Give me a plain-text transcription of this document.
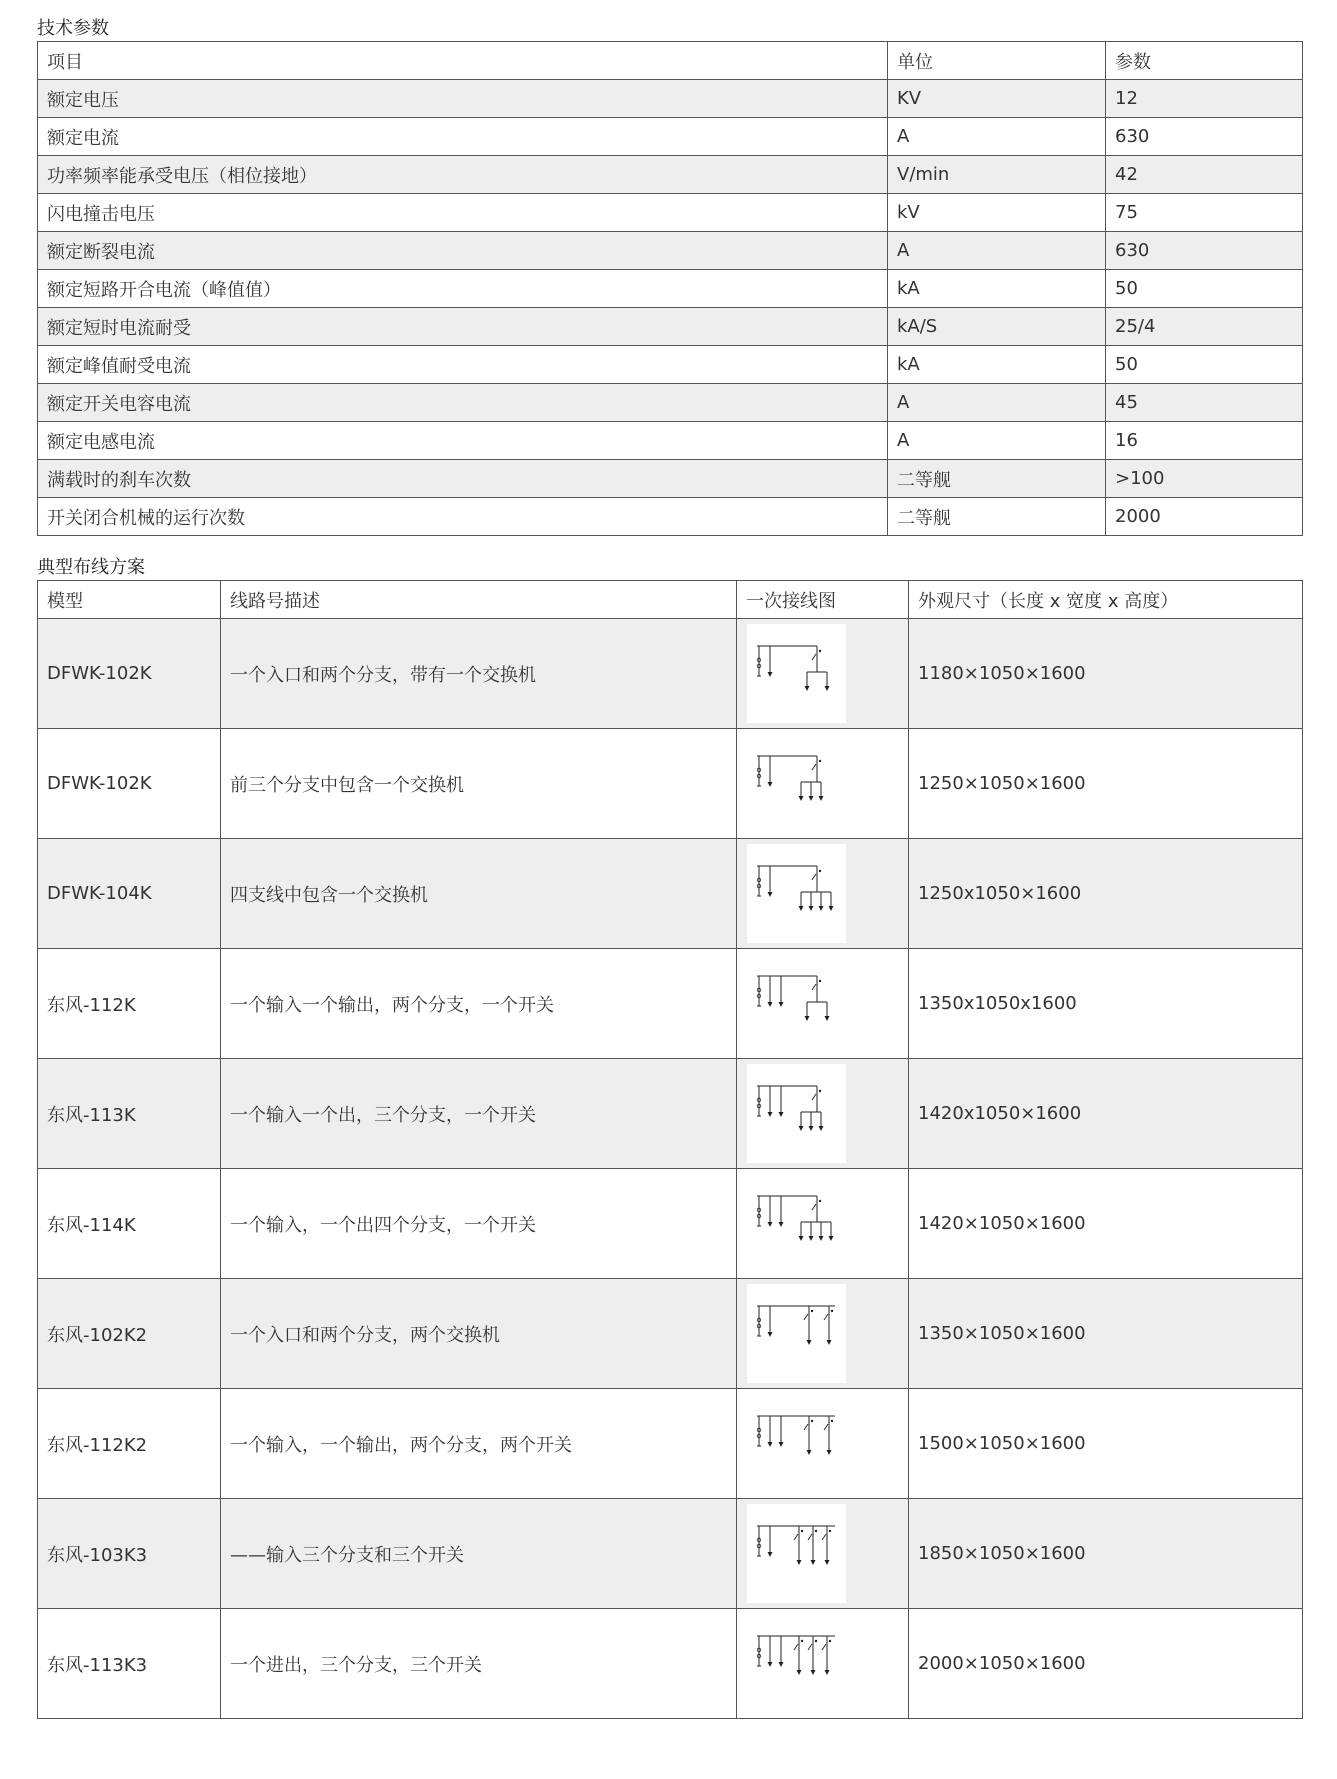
技术参数
项目	单位	参数
额定电压	KV	12
额定电流	A	630
功率频率能承受电压（相位接地）	V/min	42
闪电撞击电压	kV	75
额定断裂电流	A	630
额定短路开合电流（峰值值）	kA	50
额定短时电流耐受	kA/S	25/4
额定峰值耐受电流	kA	50
额定开关电容电流	A	45
额定电感电流	A	16
满载时的刹车次数	二等舰	>100
开关闭合机械的运行次数	二等舰	2000
典型布线方案
模型	线路号描述	一次接线图	外观尺寸（长度 x 宽度 x 高度）
DFWK-102K	一个入口和两个分支，带有一个交换机		1180×1050×1600
DFWK-102K	前三个分支中包含一个交换机		1250×1050×1600
DFWK-104K	四支线中包含一个交换机		1250x1050×1600
东风-112K	一个输入一个输出，两个分支，一个开关		1350x1050x1600
东风-113K	一个输入一个出，三个分支，一个开关		1420x1050×1600
东风-114K	一个输入，一个出四个分支，一个开关		1420×1050×1600
东风-102K2	一个入口和两个分支，两个交换机		1350×1050×1600
东风-112K2	一个输入，一个输出，两个分支，两个开关		1500×1050×1600
东风-103K3	——输入三个分支和三个开关		1850×1050×1600
东风-113K3	一个进出，三个分支，三个开关		2000×1050×1600
